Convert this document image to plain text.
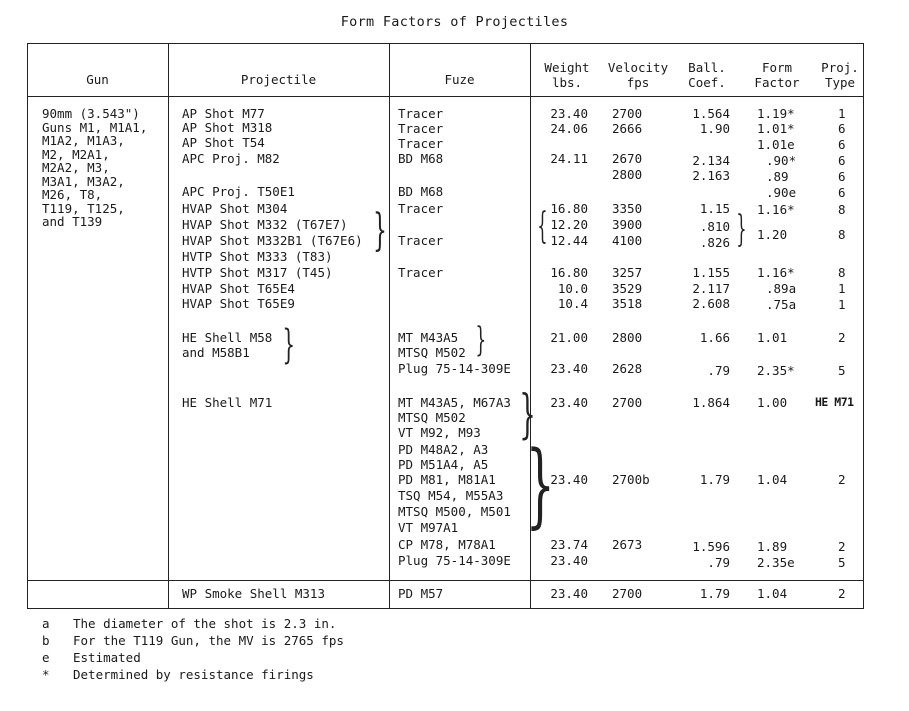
Form Factors of Projectiles
Gun	Projectile	Fuze
Weight
lbs.
Velocity
fps
Ball.
Coef.
Form
Factor
Proj.
Type
90mm (3.543")
Guns M1, M1A1,
M1A2, M1A3,
M2, M2A1,
M2A2, M3,
M3A1, M3A2,
M26, T8,
T119, T125,
and T139
AP Shot M77
AP Shot M318
AP Shot T54
APC Proj. M82
APC Proj. T50E1
HVAP Shot M304
HVAP Shot M332 (T67E7)
HVAP Shot M332B1 (T67E6)
HVTP Shot M333 (T83)
HVTP Shot M317 (T45)
HVAP Shot T65E4
HVAP Shot T65E9
HE Shell M58
and M58B1
HE Shell M71
WP Smoke Shell M313
}
}
Tracer
Tracer
Tracer
BD M68
BD M68
Tracer
Tracer
Tracer
MT M43A5
MTSQ M502
Plug 75-14-309E
MT M43A5, M67A3
MTSQ M502
VT M92, M93
PD M48A2, A3
PD M51A4, A5
PD M81, M81A1
TSQ M54, M55A3
MTSQ M500, M501
VT M97A1
CP M78, M78A1
Plug 75-14-309E
PD M57
}
}
}
23.40
24.06
24.11
16.80
12.20
12.44
16.80
10.0
10.4
21.00
23.40
23.40
23.40
23.74
23.40
23.40
{
2700
2666
2670
2800
3350
3900
4100
3257
3529
3518
2800
2628
2700
2700b
2673
2700
1.564
1.90
2.134
2.163
1.15
.810
.826
1.155
2.117
2.608
1.66
.79
1.864
1.79
1.596
.79
1.79
}
1.19*
1.01*
1.01e
.90*
.89
.90e
1.16*
1.20
1.16*
.89a
.75a
1.01
2.35*
1.00
1.04
1.89
2.35e
1.04
1
6
6
6
6
6
8
8
8
1
1
2
5
HE M71
2
2
5
2
a The diameter of the shot is 2.3 in.
b For the T119 Gun, the MV is 2765 fps
e Estimated
* Determined by resistance firings
